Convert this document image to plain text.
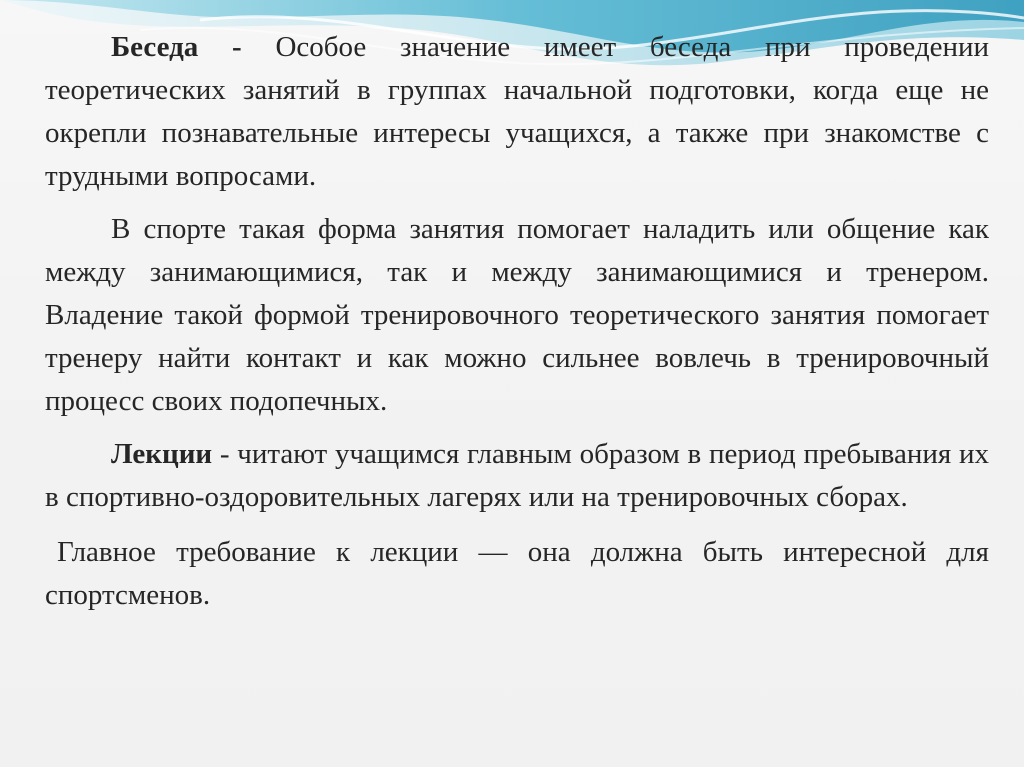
Беседа - Особое значение имеет беседа при проведении теоретических занятий в группах начальной подготовки, когда еще не окрепли познавательные интересы учащихся, а также при знакомстве с трудными вопросами.

В спорте такая форма занятия помогает наладить или общение как между занимающимися, так и между занимающимися и тренером. Владение такой формой тренировочного теоретического занятия помогает тренеру найти контакт и как можно сильнее вовлечь в тренировочный процесс своих подопечных.

Лекции - читают учащимся главным образом в период пребывания их в спортивно-оздоровительных лагерях или на тренировочных сборах.

Главное требование к лекции — она должна быть интересной для спортсменов.
